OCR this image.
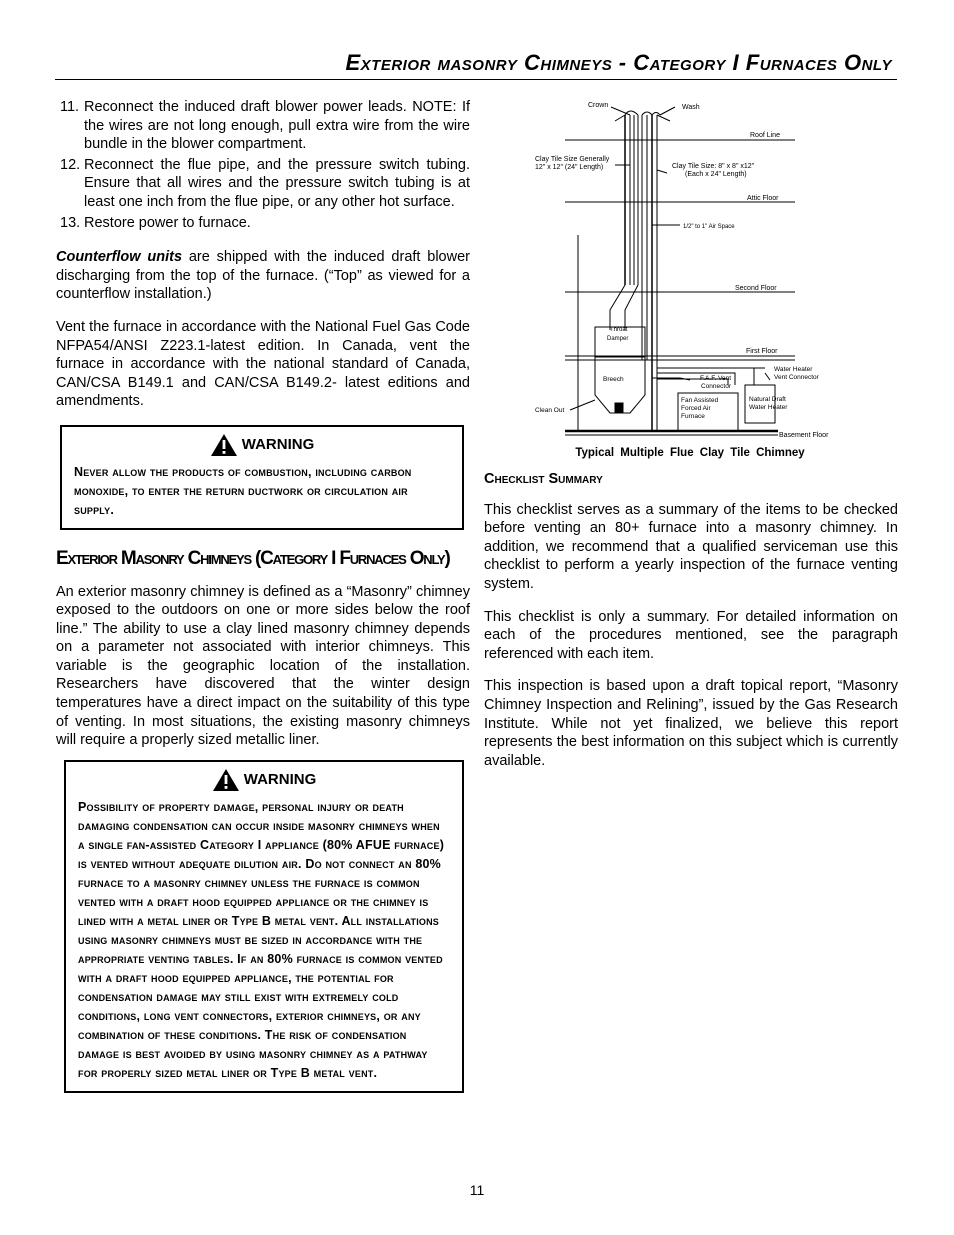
Exterior masonry Chimneys - Category I Furnaces Only
11. Reconnect the induced draft blower power leads. NOTE: If the wires are not long enough, pull extra wire from the wire bundle in the blower compartment.
12. Reconnect the flue pipe, and the pressure switch tubing. Ensure that all wires and the pressure switch tubing is at least one inch from the flue pipe, or any other hot surface.
13. Restore power to furnace.

Counterflow units are shipped with the induced draft blower discharging from the top of the furnace. (“Top” as viewed for a counterflow installation.)

Vent the furnace in accordance with the National Fuel Gas Code NFPA54/ANSI Z223.1-latest edition. In Canada, vent the furnace in accordance with the national standard of Canada, CAN/CSA B149.1 and CAN/CSA B149.2- latest editions and amendments.

WARNING
Never allow the products of combustion, including carbon monoxide, to enter the return ductwork or circulation air supply.
Exterior Masonry Chimneys (Category I Furnaces Only)

An exterior masonry chimney is defined as a “Masonry” chimney exposed to the outdoors on one or more sides below the roof line.” The ability to use a clay lined masonry chimney depends on a parameter not associated with interior chimneys. This variable is the geographic location of the installation. Researchers have discovered that the winter design temperatures have a direct impact on the suitability of this type of venting. In most situations, the existing masonry chimneys will require a properly sized metallic liner.

WARNING
Possibility of property damage, personal injury or death damaging condensation can occur inside masonry chimneys when a single fan-assisted Category I appliance (80% AFUE furnace) is vented without adequate dilution air. Do not connect an 80% furnace to a masonry chimney unless the furnace is common vented with a draft hood equipped appliance or the chimney is lined with a metal liner or Type B metal vent. All installations using masonry chimneys must be sized in accordance with the appropriate venting tables. If an 80% furnace is common vented with a draft hood equipped appliance, the potential for condensation damage may still exist with extremely cold conditions, long vent connectors, exterior chimneys, or any combination of these conditions. The risk of condensation damage is best avoided by using masonry chimney as a pathway for properly sized metal liner or Type B metal vent.
Crown	Wash
Roof Line
Clay Tile Size Generally
12" x 12" (24" Length)	Clay Tile Size: 8" x 8" x12"
(Each x 24" Length)
Attic Floor
1/2" to 1" Air Space
Second Floor
Throat
Damper
First Floor
Water Heater
Vent Connector
Breech	F.A.F. Vent
Connector
Fan Assisted
Forced Air
Furnace
Natural Draft
Water Heater
Clean Out
Basement Floor
Typical Multiple Flue Clay Tile Chimney
Checklist Summary

This checklist serves as a summary of the items to be checked before venting an 80+ furnace into a masonry chimney. In addition, we recommend that a qualified serviceman use this checklist to perform a yearly inspection of the furnace venting system.

This checklist is only a summary. For detailed information on each of the procedures mentioned, see the paragraph referenced with each item.

This inspection is based upon a draft topical report, “Masonry Chimney Inspection and Relining”, issued by the Gas Research Institute. While not yet finalized, we believe this report represents the best information on this subject which is currently available.

11
